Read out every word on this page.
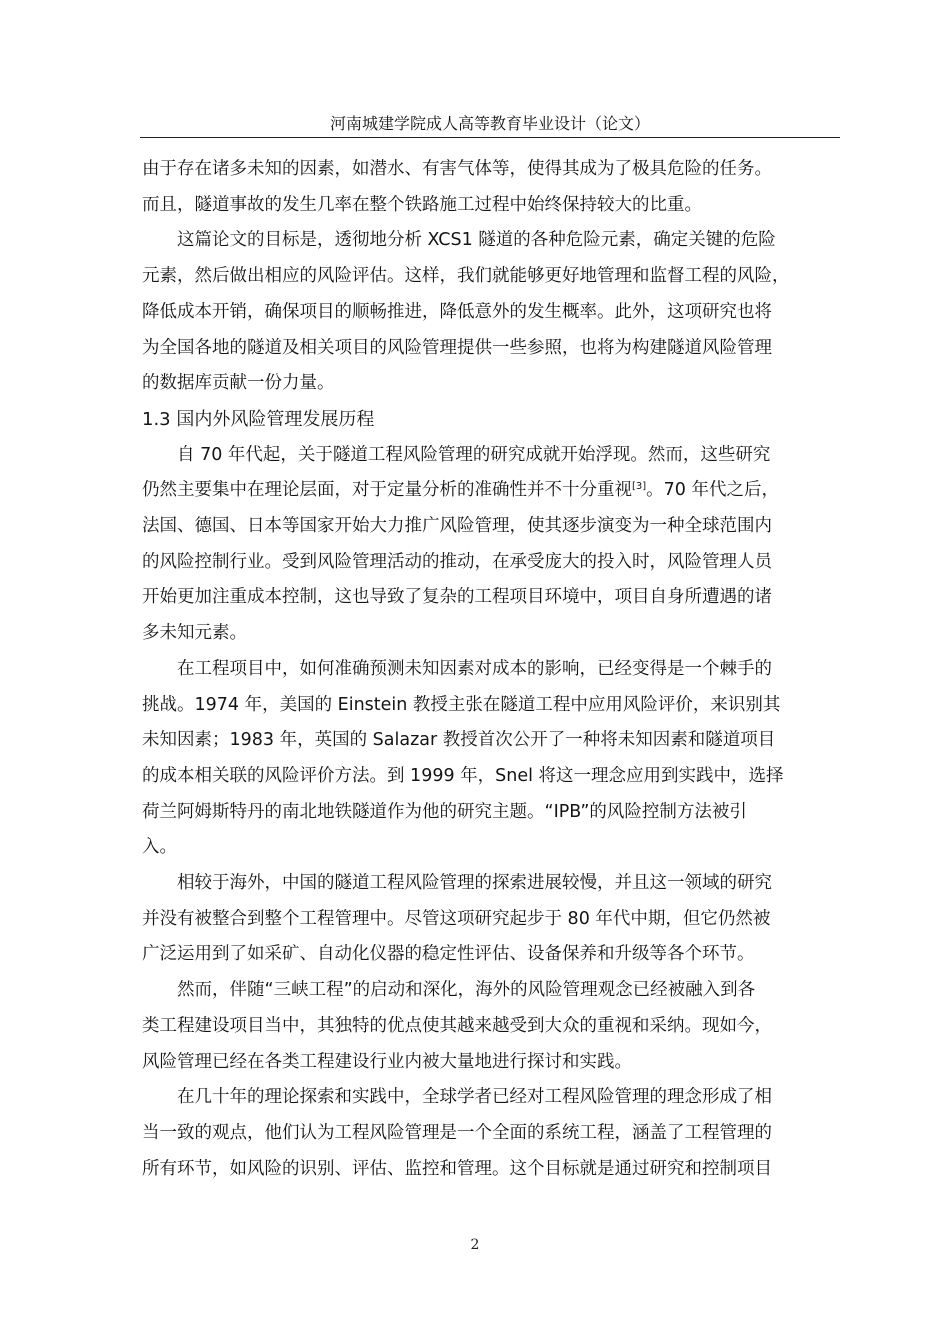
河南城建学院成人高等教育毕业设计（论文）

由于存在诸多未知的因素，如潜水、有害气体等，使得其成为了极具危险的任务。
而且，隧道事故的发生几率在整个铁路施工过程中始终保持较大的比重。

这篇论文的目标是，透彻地分析 XCS1 隧道的各种危险元素，确定关键的危险
元素，然后做出相应的风险评估。这样，我们就能够更好地管理和监督工程的风险，
降低成本开销，确保项目的顺畅推进，降低意外的发生概率。此外，这项研究也将
为全国各地的隧道及相关项目的风险管理提供一些参照，也将为构建隧道风险管理
的数据库贡献一份力量。

1.3 国内外风险管理发展历程

自 70 年代起，关于隧道工程风险管理的研究成就开始浮现。然而，这些研究
仍然主要集中在理论层面，对于定量分析的准确性并不十分重视[3]。70 年代之后，
法国、德国、日本等国家开始大力推广风险管理，使其逐步演变为一种全球范围内
的风险控制行业。受到风险管理活动的推动，在承受庞大的投入时，风险管理人员
开始更加注重成本控制，这也导致了复杂的工程项目环境中，项目自身所遭遇的诸
多未知元素。

在工程项目中，如何准确预测未知因素对成本的影响，已经变得是一个棘手的
挑战。1974 年，美国的 Einstein 教授主张在隧道工程中应用风险评价，来识别其
未知因素；1983 年，英国的 Salazar 教授首次公开了一种将未知因素和隧道项目
的成本相关联的风险评价方法。到 1999 年，Snel 将这一理念应用到实践中，选择
荷兰阿姆斯特丹的南北地铁隧道作为他的研究主题。“IPB”的风险控制方法被引
入。

相较于海外，中国的隧道工程风险管理的探索进展较慢，并且这一领域的研究
并没有被整合到整个工程管理中。尽管这项研究起步于 80 年代中期，但它仍然被
广泛运用到了如采矿、自动化仪器的稳定性评估、设备保养和升级等各个环节。

然而，伴随“三峡工程”的启动和深化，海外的风险管理观念已经被融入到各
类工程建设项目当中，其独特的优点使其越来越受到大众的重视和采纳。现如今，
风险管理已经在各类工程建设行业内被大量地进行探讨和实践。

在几十年的理论探索和实践中，全球学者已经对工程风险管理的理念形成了相
当一致的观点，他们认为工程风险管理是一个全面的系统工程，涵盖了工程管理的
所有环节，如风险的识别、评估、监控和管理。这个目标就是通过研究和控制项目

2
